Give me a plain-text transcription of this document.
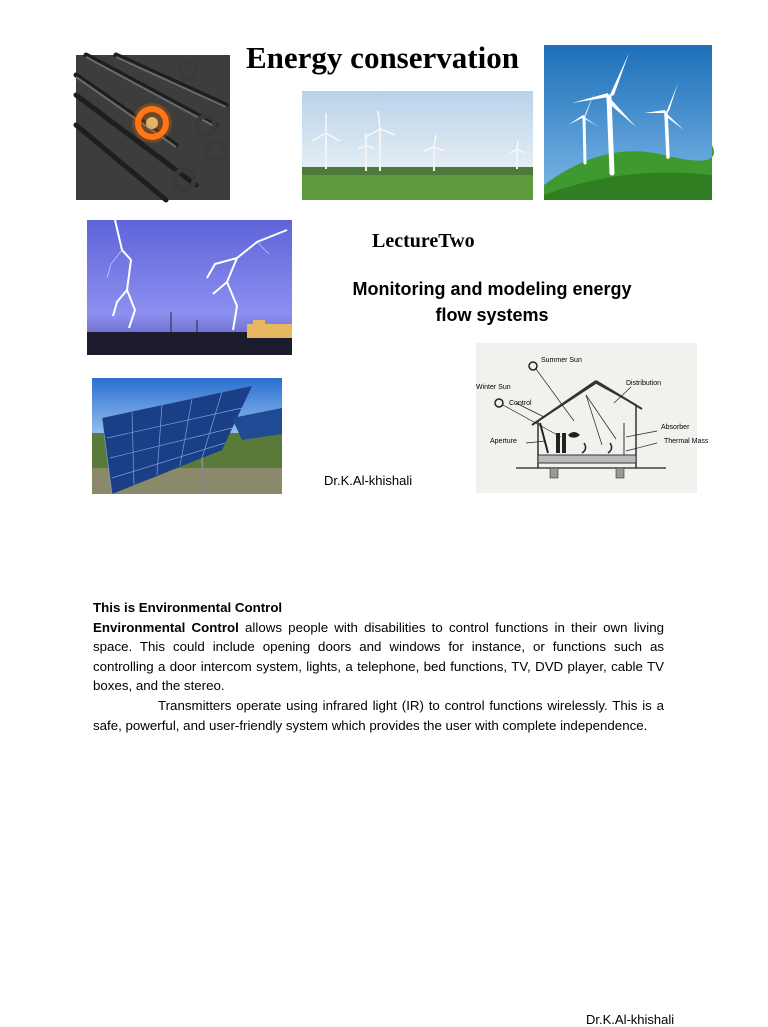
Energy conservation
LectureTwo
Monitoring and modeling energy flow systems
Dr.K.Al-khishali
Summer Sun
Winter Sun
Control
Distribution
Aperture
Absorber
Thermal Mass

This is Environmental Control

Environmental Control allows people with disabilities to control functions in their own living space. This could include opening doors and windows for instance, or functions such as controlling a door intercom system, lights, a telephone, bed functions, TV, DVD player, cable TV boxes, and the stereo.

Transmitters operate using infrared light (IR) to control functions wirelessly. This is a safe, powerful, and user-friendly system which provides the user with complete independence.

Dr.K.Al-khishali
